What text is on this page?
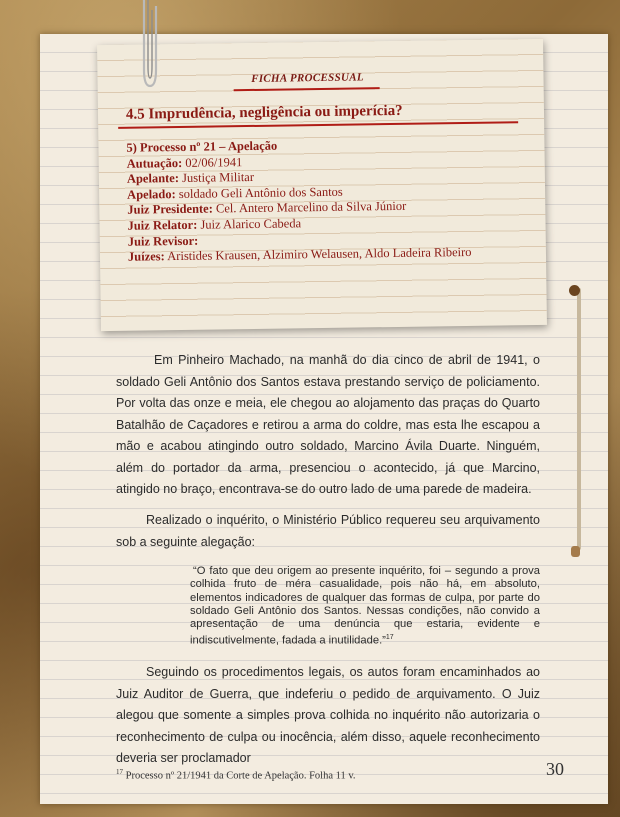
FICHA PROCESSUAL
4.5 Imprudência, negligência ou imperícia?
5) Processo nº 21 – Apelação
Autuação: 02/06/1941
Apelante: Justiça Militar
Apelado: soldado Geli Antônio dos Santos
Juiz Presidente: Cel. Antero Marcelino da Silva Júnior
Juiz Relator: Juiz Alarico Cabeda
Juiz Revisor:
Juízes: Aristides Krausen, Alzimiro Welausen, Aldo Ladeira Ribeiro
Em Pinheiro Machado, na manhã do dia cinco de abril de 1941, o soldado Geli Antônio dos Santos estava prestando serviço de policiamento. Por volta das onze e meia, ele chegou ao alojamento das praças do Quarto Batalhão de Caçadores e retirou a arma do coldre, mas esta lhe escapou a mão e acabou atingindo outro soldado, Marcino Ávila Duarte. Ninguém, além do portador da arma, presenciou o acontecido, já que Marcino, atingido no braço, encontrava-se do outro lado de uma parede de madeira.
Realizado o inquérito, o Ministério Público requereu seu arquivamento sob a seguinte alegação:
“O fato que deu origem ao presente inquérito, foi – segundo a prova colhida fruto de méra casualidade, pois não há, em absoluto, elementos indicadores de qualquer das formas de culpa, por parte do soldado Geli Antônio dos Santos. Nessas condições, não convido a apresentação de uma denúncia que estaria, evidente e indiscutivelmente, fadada a inutilidade.”$^{17}$
Seguindo os procedimentos legais, os autos foram encaminhados ao Juiz Auditor de Guerra, que indeferiu o pedido de arquivamento. O Juiz alegou que somente a simples prova colhida no inquérito não autorizaria o reconhecimento de culpa ou inocência, além disso, aquele reconhecimento deveria ser proclamador
$^{17}$ Processo nº 21/1941 da Corte de Apelação. Folha 11 v.	30
